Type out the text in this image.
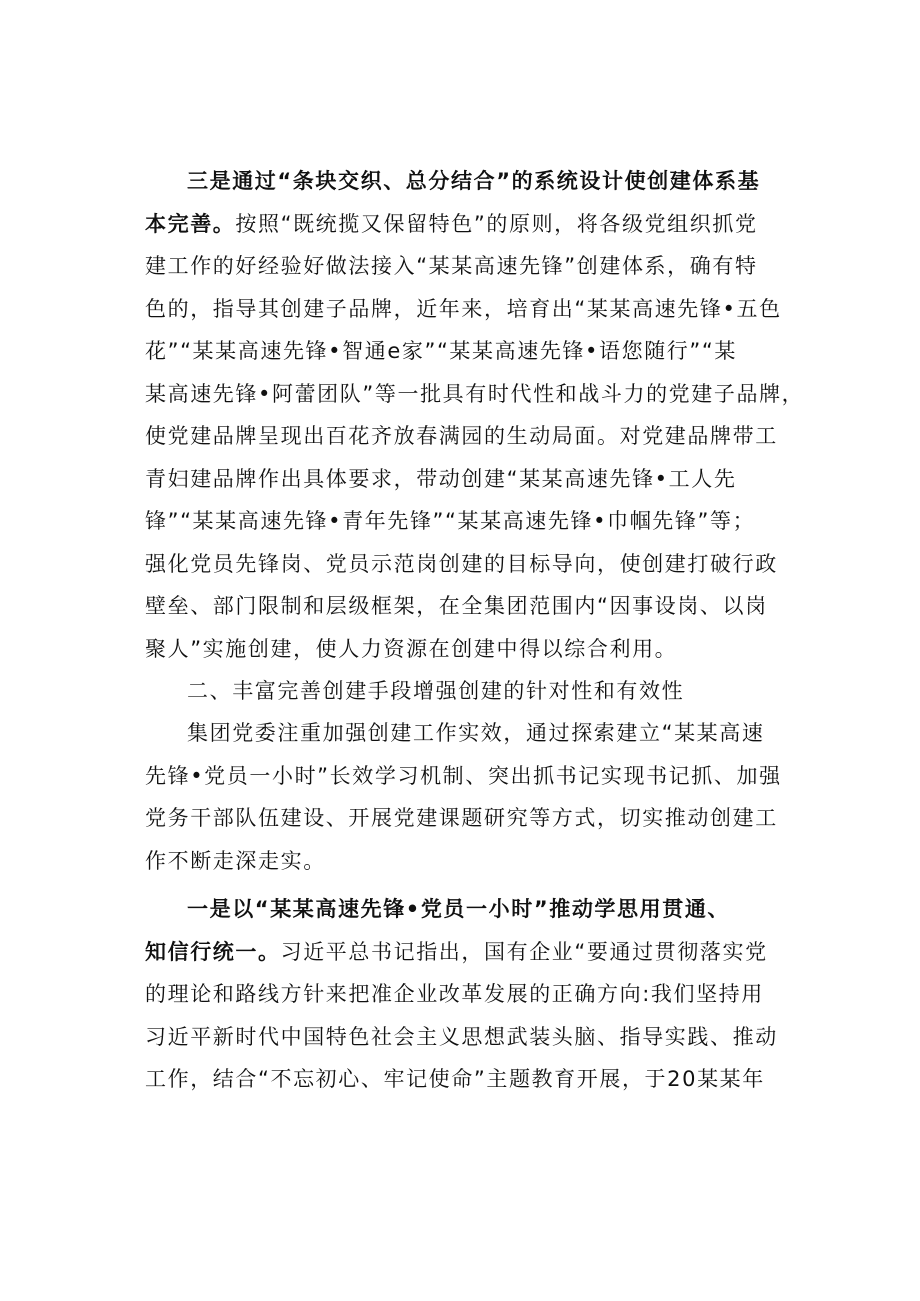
三是通过“条块交织、总分结合”的系统设计使创建体系基
本完善。按照“既统揽又保留特色”的原则，将各级党组织抓党
建工作的好经验好做法接入“某某高速先锋”创建体系，确有特
色的，指导其创建子品牌，近年来，培育出“某某高速先锋•五色
花”“某某高速先锋•智通e家”“某某高速先锋•语您随行”“某
某高速先锋•阿蕾团队”等一批具有时代性和战斗力的党建子品牌，
使党建品牌呈现出百花齐放春满园的生动局面。对党建品牌带工
青妇建品牌作出具体要求，带动创建“某某高速先锋•工人先
锋”“某某高速先锋•青年先锋”“某某高速先锋•巾帼先锋”等；
强化党员先锋岗、党员示范岗创建的目标导向，使创建打破行政
壁垒、部门限制和层级框架，在全集团范围内“因事设岗、以岗
聚人”实施创建，使人力资源在创建中得以综合利用。
二、丰富完善创建手段增强创建的针对性和有效性
集团党委注重加强创建工作实效，通过探索建立“某某高速
先锋•党员一小时”长效学习机制、突出抓书记实现书记抓、加强
党务干部队伍建设、开展党建课题研究等方式，切实推动创建工
作不断走深走实。
一是以“某某高速先锋•党员一小时”推动学思用贯通、
知信行统一。习近平总书记指出，国有企业“要通过贯彻落实党
的理论和路线方针来把准企业改革发展的正确方向:我们坚持用
习近平新时代中国特色社会主义思想武装头脑、指导实践、推动
工作，结合“不忘初心、牢记使命”主题教育开展，于20某某年
